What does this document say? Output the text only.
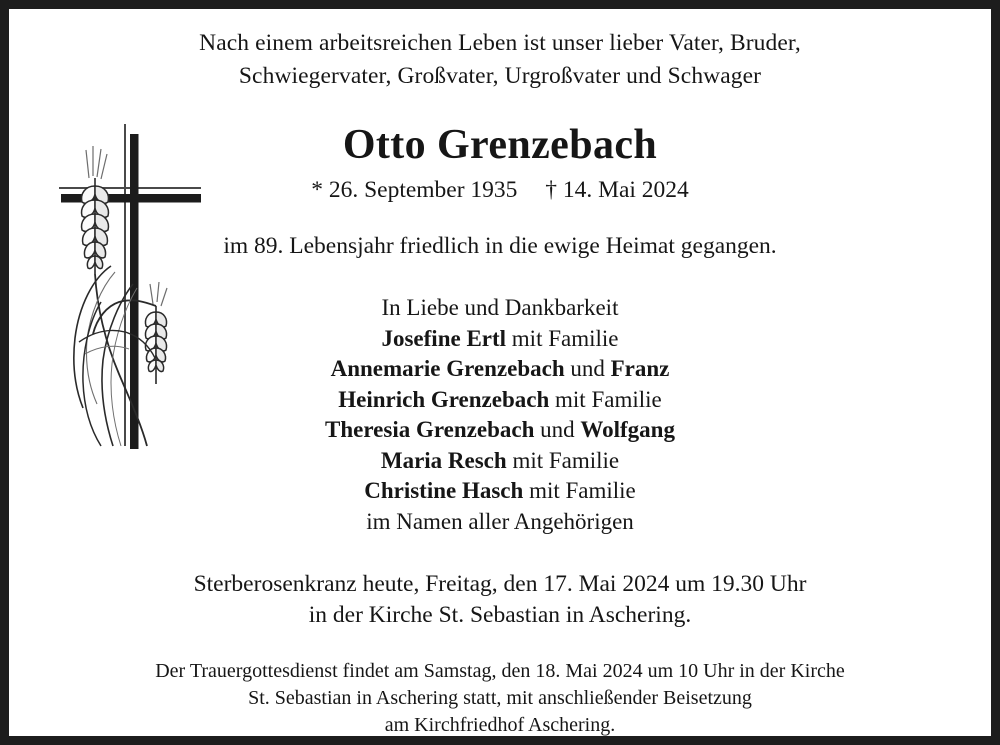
Nach einem arbeitsreichen Leben ist unser lieber Vater, Bruder,
Schwiegervater, Großvater, Urgroßvater und Schwager
Otto Grenzebach
* 26. September 1935 † 14. Mai 2024
im 89. Lebensjahr friedlich in die ewige Heimat gegangen.
In Liebe und Dankbarkeit
Josefine Ertl mit Familie
Annemarie Grenzebach und Franz
Heinrich Grenzebach mit Familie
Theresia Grenzebach und Wolfgang
Maria Resch mit Familie
Christine Hasch mit Familie
im Namen aller Angehörigen
Sterberosenkranz heute, Freitag, den 17. Mai 2024 um 19.30 Uhr
in der Kirche St. Sebastian in Aschering.
Der Trauergottesdienst findet am Samstag, den 18. Mai 2024 um 10 Uhr in der Kirche
St. Sebastian in Aschering statt, mit anschließender Beisetzung
am Kirchfriedhof Aschering.
